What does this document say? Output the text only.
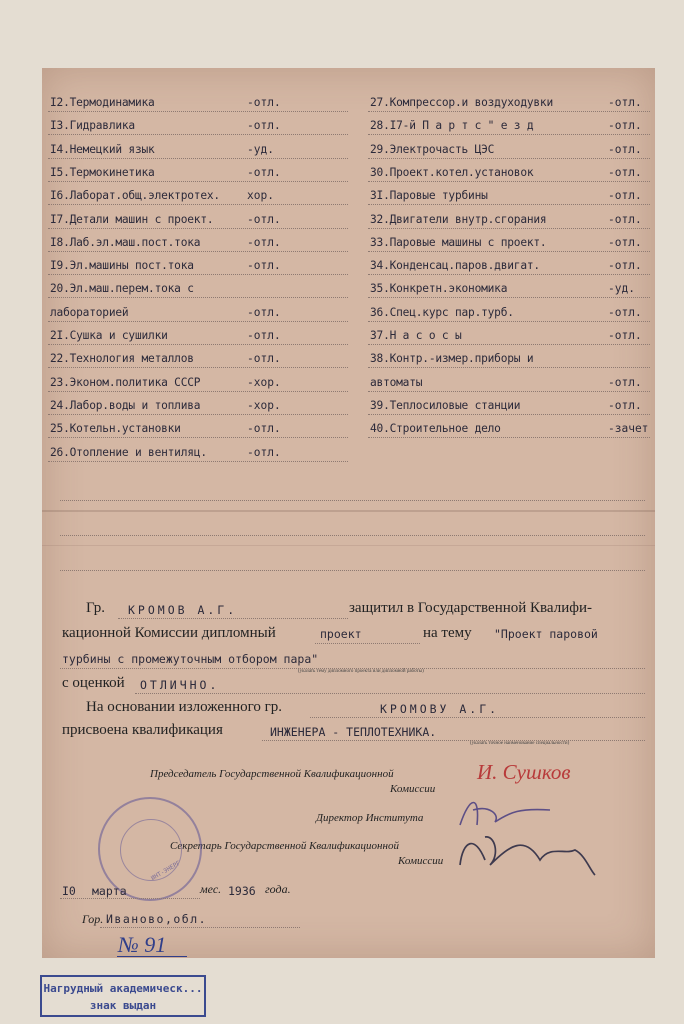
I2.Термодинамика	-отл.
I3.Гидравлика	-отл.
I4.Немецкий язык	-уд.
I5.Термокинетика	-отл.
I6.Лаборат.общ.электротех. хор.
I7.Детали машин с проект.	-отл.
I8.Лаб.эл.маш.пост.тока	-отл.
I9.Эл.машины пост.тока	-отл.
20.Эл.маш.перем.тока с
лабораторией	-отл.
2I.Сушка и сушилки	-отл.
22.Технология металлов	-отл.
23.Эконом.политика СССР	-хор.
24.Лабор.воды и топлива	-хор.
25.Котельн.установки	-отл.
26.Отопление и вентиляц.	-отл.
27.Компрессор.и воздуходувки	-отл.
28.I7-й П а р т с " е з д	-отл.
29.Электрочасть ЦЭС	-отл.
30.Проект.котел.установок	-отл.
3I.Паровые турбины	-отл.
32.Двигатели внутр.сгорания	-отл.
33.Паровые машины с проект.	-отл.
34.Конденсац.паров.двигат.	-отл.
35.Конкретн.экономика	-уд.
36.Спец.курс пар.турб.	-отл.
37.Н а с о с ы	-отл.
38.Контр.-измер.приборы и
автоматы	-отл.
39.Теплосиловые станции	-отл.
40.Строительное дело	-зачет
Гр. КРОМОВ А.Г.	защитил в Государственной Квалифи-
кационной Комиссии дипломный	проект	на тему "Проект паровой
турбины с промежуточным отбором пара"
(указать тему дипломного проекта или дипломной работы)
с оценкой ОТЛИЧНО.
На основании изложенного гр.	КРОМОВУ А.Г.
присвоена квалификация	ИНЖЕНЕРА - ТЕПЛОТЕХНИКА.
(указать точное наименование специальности)
Председатель Государственной Квалификационной
Комиссии
И. Сушков
Директор Института
Секретарь Государственной Квалификационной
Комиссии
ИНТ-ЭНЕРГ
I0 марта	мес. 1936 года.
Гор. Иваново,обл.
№ 91
Нагрудный академическ...
знак выдан
